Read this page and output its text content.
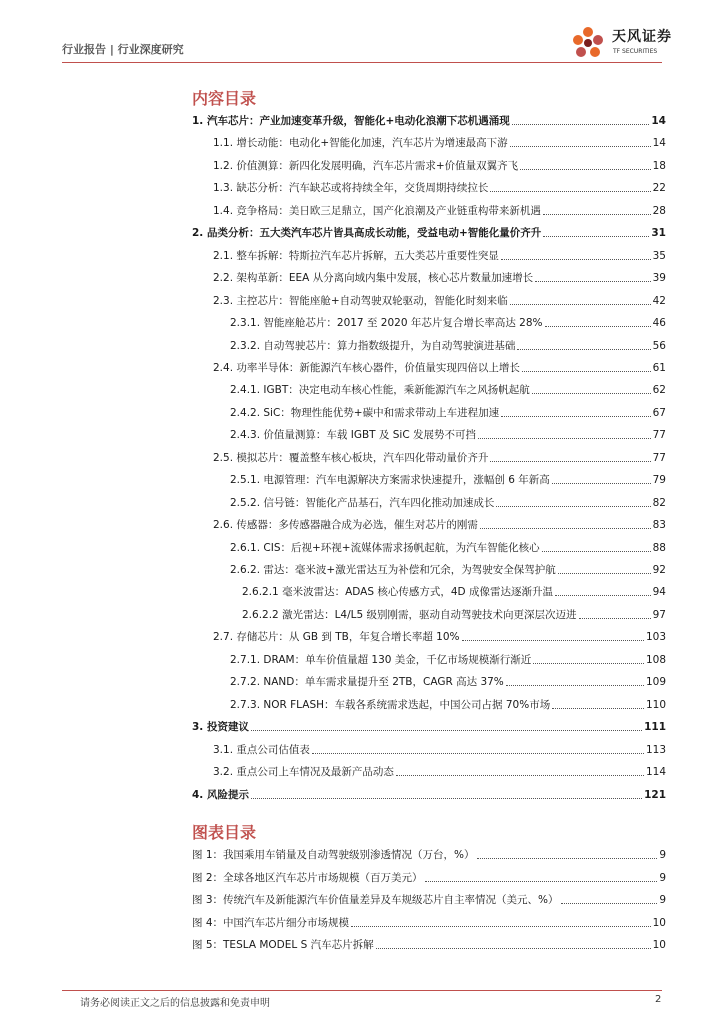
行业报告 | 行业深度研究
天风证券
TF SECURITIES
内容目录
1. 汽车芯片：产业加速变革升级，智能化+电动化浪潮下芯机遇涌现	14
1.1. 增长动能：电动化+智能化加速，汽车芯片为增速最高下游	14
1.2. 价值测算：新四化发展明确，汽车芯片需求+价值量双翼齐飞	18
1.3. 缺芯分析：汽车缺芯或将持续全年，交货周期持续拉长	22
1.4. 竞争格局：美日欧三足鼎立，国产化浪潮及产业链重构带来新机遇	28
2. 品类分析：五大类汽车芯片皆具高成长动能，受益电动+智能化量价齐升	31
2.1. 整车拆解：特斯拉汽车芯片拆解，五大类芯片重要性突显	35
2.2. 架构革新：EEA 从分离向域内集中发展，核心芯片数量加速增长	39
2.3. 主控芯片：智能座舱+自动驾驶双轮驱动，智能化时刻来临	42
2.3.1. 智能座舱芯片：2017 至 2020 年芯片复合增长率高达 28%	46
2.3.2. 自动驾驶芯片：算力指数级提升，为自动驾驶演进基础	56
2.4. 功率半导体：新能源汽车核心器件，价值量实现四倍以上增长	61
2.4.1. IGBT：决定电动车核心性能，乘新能源汽车之风扬帆起航	62
2.4.2. SiC：物理性能优势+碳中和需求带动上车进程加速	67
2.4.3. 价值量测算：车载 IGBT 及 SiC 发展势不可挡	77
2.5. 模拟芯片：覆盖整车核心板块，汽车四化带动量价齐升	77
2.5.1. 电源管理：汽车电源解决方案需求快速提升，涨幅创 6 年新高	79
2.5.2. 信号链：智能化产品基石，汽车四化推动加速成长	82
2.6. 传感器：多传感器融合成为必选，催生对芯片的刚需	83
2.6.1. CIS：后视+环视+流媒体需求扬帆起航，为汽车智能化核心	88
2.6.2. 雷达：毫米波+激光雷达互为补偿和冗余，为驾驶安全保驾护航	92
2.6.2.1 毫米波雷达：ADAS 核心传感方式，4D 成像雷达逐渐升温	94
2.6.2.2 激光雷达：L4/L5 级别刚需，驱动自动驾驶技术向更深层次迈进	97
2.7. 存储芯片：从 GB 到 TB，年复合增长率超 10%	103
2.7.1. DRAM：单车价值量超 130 美金，千亿市场规模渐行渐近	108
2.7.2. NAND：单车需求量提升至 2TB，CAGR 高达 37%	109
2.7.3. NOR FLASH：车载各系统需求迭起，中国公司占据 70%市场	110
3. 投资建议	111
3.1. 重点公司估值表	113
3.2. 重点公司上车情况及最新产品动态	114
4. 风险提示	121
图表目录
图 1：我国乘用车销量及自动驾驶级别渗透情况（万台，%）	9
图 2：全球各地区汽车芯片市场规模（百万美元）	9
图 3：传统汽车及新能源汽车价值量差异及车规级芯片自主率情况（美元、%）	9
图 4：中国汽车芯片细分市场规模	10
图 5：TESLA MODEL S 汽车芯片拆解	10
请务必阅读正文之后的信息披露和免责申明	2
